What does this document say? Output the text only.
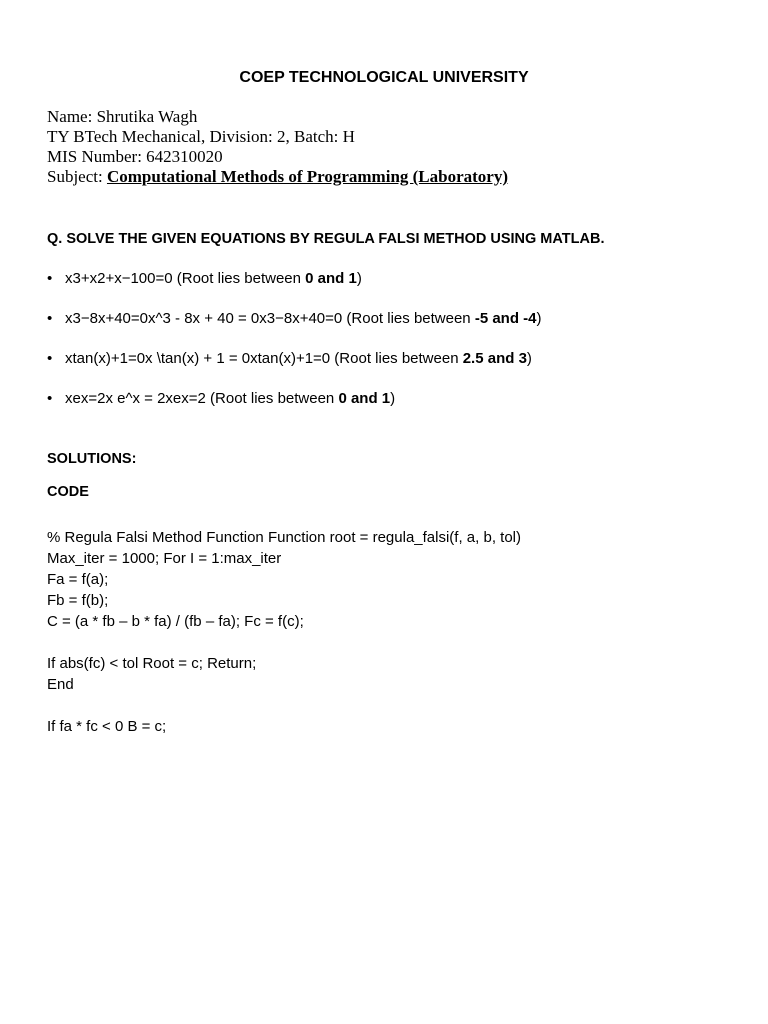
COEP TECHNOLOGICAL UNIVERSITY
Name: Shrutika Wagh
TY BTech Mechanical, Division: 2, Batch: H
MIS Number: 642310020
Subject: Computational Methods of Programming (Laboratory)
Q. SOLVE THE GIVEN EQUATIONS BY REGULA FALSI METHOD USING MATLAB.
• x3+x2+x−100=0 (Root lies between 0 and 1)
• x3−8x+40=0x^3 - 8x + 40 = 0x3−8x+40=0 (Root lies between -5 and -4)
• xtan(x)+1=0x \tan(x) + 1 = 0xtan(x)+1=0 (Root lies between 2.5 and 3)
• xex=2x e^x = 2xex=2 (Root lies between 0 and 1)
SOLUTIONS:
CODE
% Regula Falsi Method Function Function root = regula_falsi(f, a, b, tol)
Max_iter = 1000; For I = 1:max_iter
Fa = f(a);
Fb = f(b);
C = (a * fb – b * fa) / (fb – fa); Fc = f(c);
If abs(fc) < tol Root = c; Return;
End
If fa * fc < 0 B = c;
